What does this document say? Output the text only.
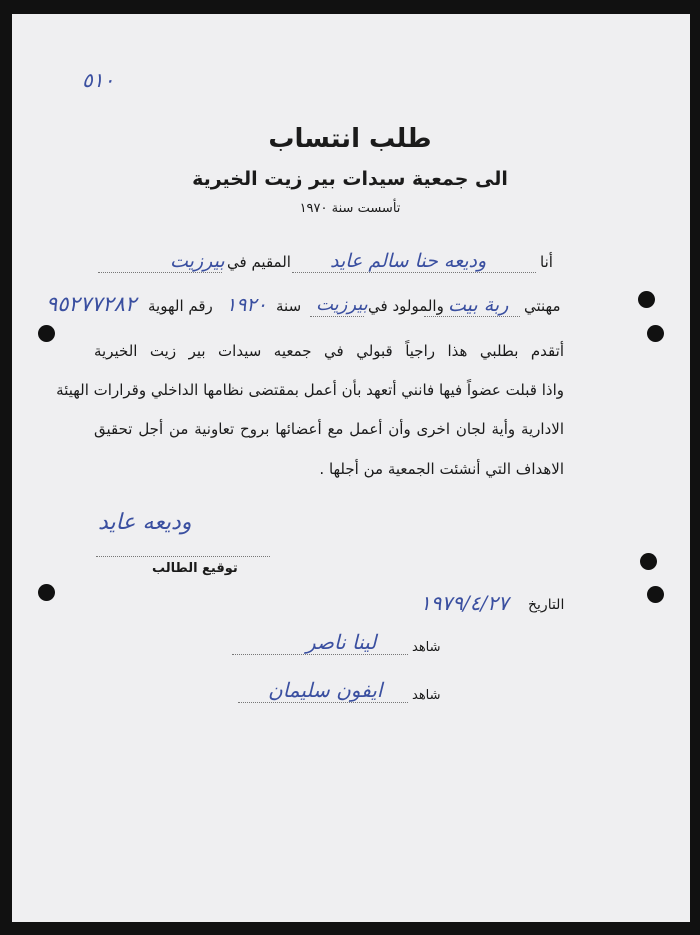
٥١٠
طلب انتساب
الى جمعية سيدات بير زيت الخيرية
تأسست سنة ١٩٧٠
أنا
وديعه حنا سالم عايد
المقيم في
بيرزيت
مهنتي
ربة بيت
والمولود في
بيرزيت
سنة
١٩٢٠
رقم الهوية
٩٥٢٧٧٢٨٢
أتقدم بطلبي هذا راجياً قبولي في جمعيه سيدات بير زيت الخيرية
واذا قبلت عضواً فيها فانني أتعهد بأن أعمل بمقتضى نظامها الداخلي وقرارات الهيئة
الادارية وأية لجان اخرى وأن أعمل مع أعضائها بروح تعاونية من أجل تحقيق
الاهداف التي أنشئت الجمعية من أجلها .
وديعه عايد
توقيع الطالب
التاريخ
١٩٧٩/٤/٢٧
شاهد
لينا ناصر
شاهد
ايفون سليمان
